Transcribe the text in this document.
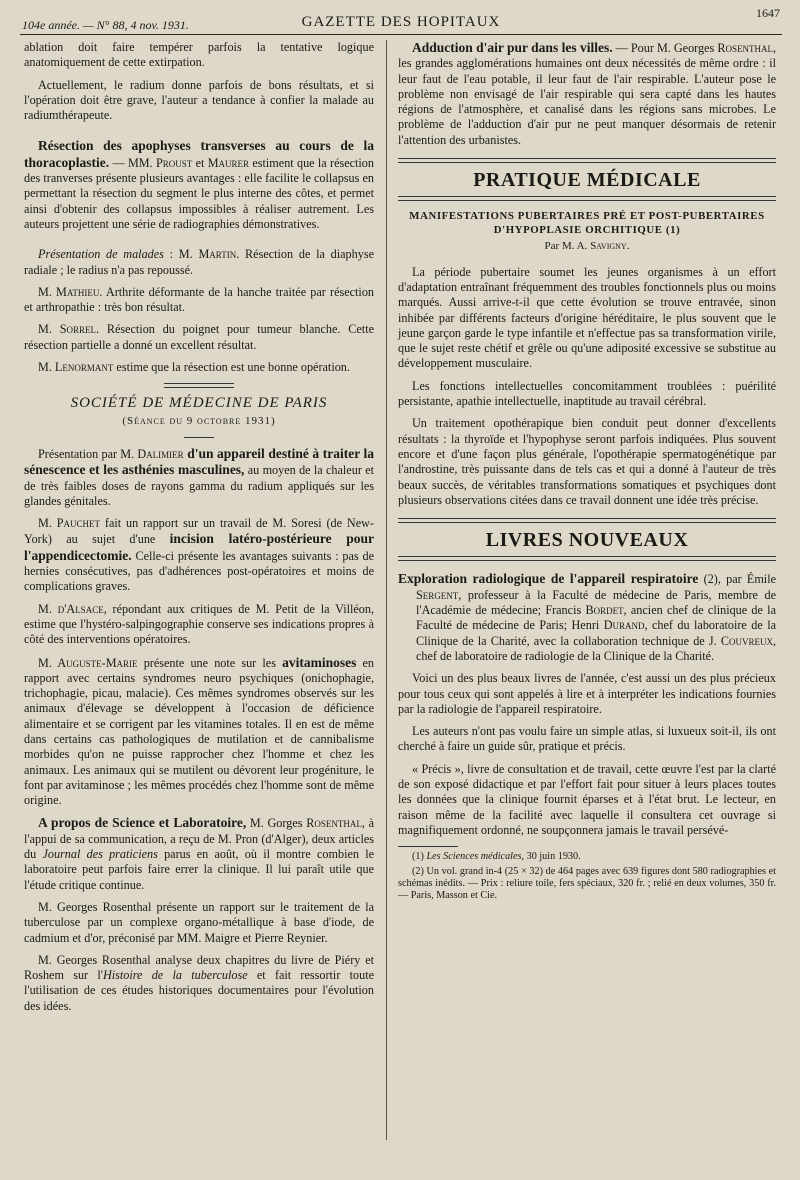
104e année. — N° 88, 4 nov. 1931.	GAZETTE DES HOPITAUX
1647

ablation doit faire tempérer parfois la tentative logique anatomiquement de cette extirpation.

Actuellement, le radium donne parfois de bons résultats, et si l'opération doit être grave, l'auteur a tendance à confier la malade au radiumthérapeute.

Résection des apophyses transverses au cours de la thoracoplastie. — MM. Proust et Maurer estiment que la résection des tranverses présente plusieurs avantages : elle facilite le collapsus en permettant la résection du segment le plus interne des côtes, et permet ainsi d'obtenir des collapsus impossibles à réaliser autrement. Les auteurs projettent une série de radiographies démonstratives.

Présentation de malades : M. Martin. Résection de la diaphyse radiale ; le radius n'a pas repoussé.

M. Mathieu. Arthrite déformante de la hanche traitée par résection et arthropathie : très bon résultat.

M. Sorrel. Résection du poignet pour tumeur blanche. Cette résection partielle a donné un excellent résultat.

M. Lenormant estime que la résection est une bonne opération.

SOCIÉTÉ DE MÉDECINE DE PARIS
(Séance du 9 octobre 1931)

Présentation par M. Dalimier d'un appareil destiné à traiter la sénescence et les asthénies masculines, au moyen de la chaleur et de très faibles doses de rayons gamma du radium appliqués sur les glandes génitales.

M. Pauchet fait un rapport sur un travail de M. Soresi (de New-York) au sujet d'une incision latéro-postérieure pour l'appendicectomie. Celle-ci présente les avantages suivants : pas de hernies consécutives, pas d'adhérences post-opératoires et moins de complications graves.

M. d'Alsace, répondant aux critiques de M. Petit de la Villéon, estime que l'hystéro-salpingographie conserve ses indications propres à côté des interventions opératoires.

M. Auguste-Marie présente une note sur les avitaminoses en rapport avec certains syndromes neuro psychiques (onichophagie, trichophagie, picau, malacie). Ces mêmes syndromes observés sur les animaux d'élevage se développent à l'occasion de déficience alimentaire et se corrigent par les vitamines totales. Il en est de même dans certains cas pathologiques de mutilation et de cannibalisme morbides qu'on ne puisse rapprocher chez l'homme et chez les animaux. Les animaux qui se mutilent ou dévorent leur progéniture, le font par avitaminose ; les mêmes procédés chez l'homme sont de même origine.

A propos de Science et Laboratoire, M. Gorges Rosenthal, à l'appui de sa communication, a reçu de M. Pron (d'Alger), deux articles du Journal des praticiens parus en août, où il montre combien le laboratoire peut parfois faire errer la clinique. Il lui paraît utile que l'étude critique continue.

M. Georges Rosenthal présente un rapport sur le traitement de la tuberculose par un complexe organo-métallique à base d'iode, de cadmium et d'or, préconisé par MM. Maigre et Pierre Reynier.

M. Georges Rosenthal analyse deux chapitres du livre de Piéry et Roshem sur l'Histoire de la tuberculose et fait ressortir toute l'utilisation de ces études historiques documentaires pour l'évolution des idées.

Adduction d'air pur dans les villes. — Pour M. Georges Rosenthal, les grandes agglomérations humaines ont deux nécessités de même ordre : il leur faut de l'eau potable, il leur faut de l'air respirable. L'auteur pose le problème non envisagé de l'air respirable qui sera capté dans les hautes régions de l'atmosphère, et canalisé dans les régions sans microbes. Le problème de l'adduction d'air pur ne peut manquer désormais de retenir l'attention des urbanistes.

PRATIQUE MÉDICALE
MANIFESTATIONS PUBERTAIRES PRÉ ET POST-PUBERTAIRES D'HYPOPLASIE ORCHITIQUE (1)
Par M. A. Savigny.

La période pubertaire soumet les jeunes organismes à un effort d'adaptation entraînant fréquemment des troubles fonctionnels plus ou moins marqués. Aussi arrive-t-il que cette évolution se trouve entravée, sinon inhibée par différents facteurs d'origine héréditaire, le plus souvent que le jeune garçon garde le type infantile et n'effectue pas sa transformation virile, que le sujet reste chétif et grêle ou qu'une adiposité excessive se substitue au développement musculaire.

Les fonctions intellectuelles concomitamment troublées : puérilité persistante, apathie intellectuelle, inaptitude au travail cérébral.

Un traitement opothérapique bien conduit peut donner d'excellents résultats : la thyroïde et l'hypophyse seront parfois indiquées. Plus souvent encore et d'une façon plus générale, l'opothérapie spermatogénétique par l'androstine, très puissante dans de tels cas et qui a donné à l'auteur de très beaux succès, de véritables transformations somatiques et psychiques dont plusieurs observations citées dans ce travail donnent une idée très précise.

LIVRES NOUVEAUX

Exploration radiologique de l'appareil respiratoire (2), par Émile Sergent, professeur à la Faculté de médecine de Paris, membre de l'Académie de médecine; Francis Bordet, ancien chef de clinique de la Faculté de médecine de Paris; Henri Durand, chef du laboratoire de la Clinique de la Charité, avec la collaboration technique de J. Couvreux, chef de laboratoire de radiologie de la Clinique de la Charité.

Voici un des plus beaux livres de l'année, c'est aussi un des plus précieux pour tous ceux qui sont appelés à lire et à interpréter les indications fournies par la radiologie de l'appareil respiratoire.

Les auteurs n'ont pas voulu faire un simple atlas, si luxueux soit-il, ils ont cherché à faire un guide sûr, pratique et précis.

« Précis », livre de consultation et de travail, cette œuvre l'est par la clarté de son exposé didactique et par l'effort fait pour situer à leurs places toutes les données que la clinique fournit éparses et à l'état brut. Le lecteur, en raison même de la facilité avec laquelle il consultera cet ouvrage si magnifiquement ordonné, ne soupçonnera jamais le travail persévé-

(1) Les Sciences médicales, 30 juin 1930.

(2) Un vol. grand in-4 (25 × 32) de 464 pages avec 639 figures dont 580 radiographies et schémas inédits. — Prix : reliure toile, fers spéciaux, 320 fr. ; relié en deux volumes, 350 fr. — Paris, Masson et Cie.
